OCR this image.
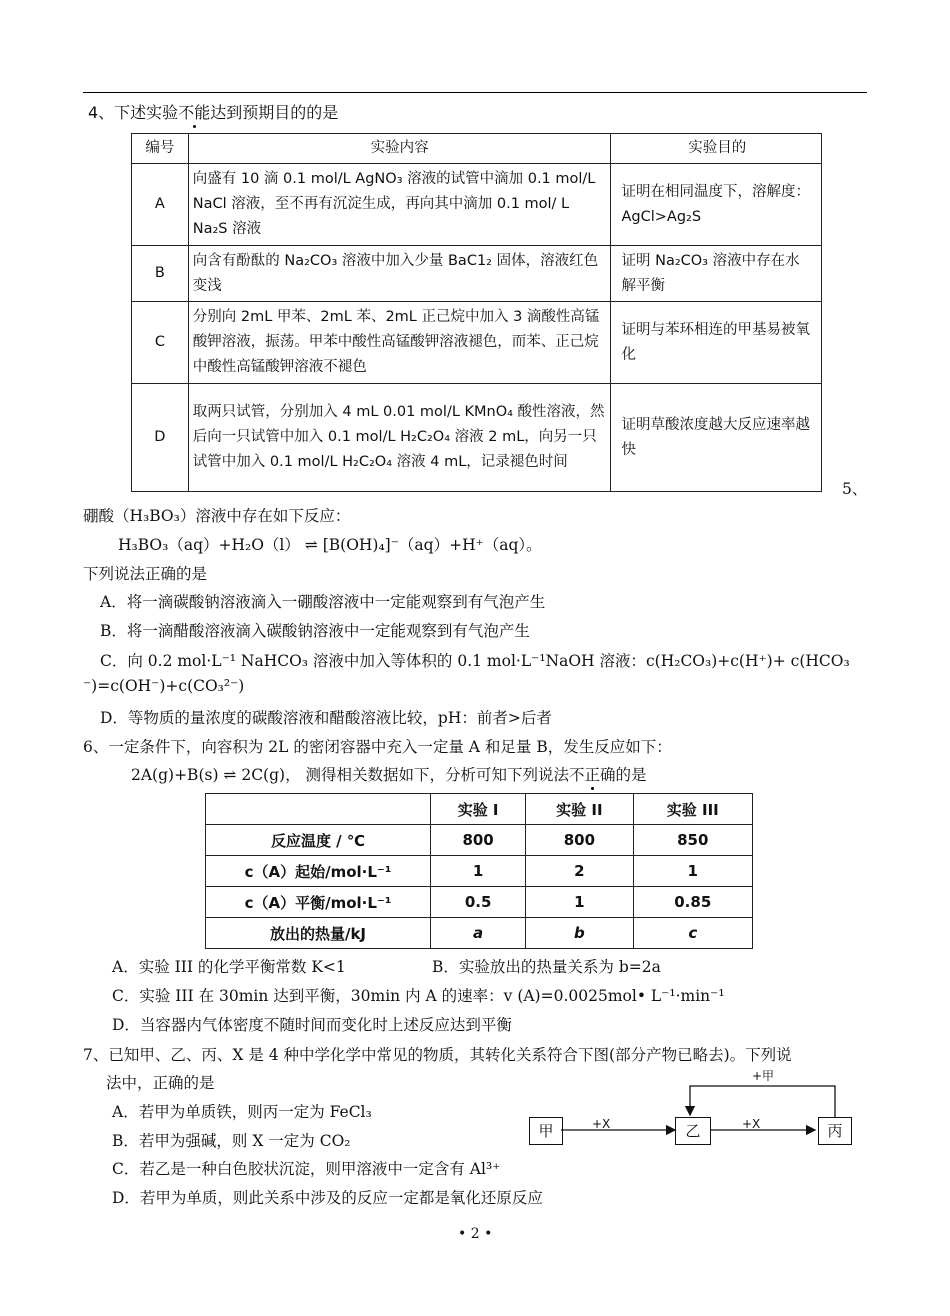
4、下述实验不能达到预期目的的是
编号	实验内容	实验目的
A	向盛有 10 滴 0.1 mol/L AgNO₃ 溶液的试管中滴加 0.1 mol/L NaCl 溶液，至不再有沉淀生成，再向其中滴加 0.1 mol/ L Na₂S 溶液	证明在相同温度下，溶解度：AgCl>Ag₂S
B	向含有酚酞的 Na₂CO₃ 溶液中加入少量 BaC1₂ 固体，溶液红色变浅	证明 Na₂CO₃ 溶液中存在水解平衡
C	分别向 2mL 甲苯、2mL 苯、2mL 正己烷中加入 3 滴酸性高锰酸钾溶液，振荡。甲苯中酸性高锰酸钾溶液褪色，而苯、正己烷中酸性高锰酸钾溶液不褪色	证明与苯环相连的甲基易被氧化
D	取两只试管，分别加入 4 mL 0.01 mol/L KMnO₄ 酸性溶液，然后向一只试管中加入 0.1 mol/L H₂C₂O₄ 溶液 2 mL，向另一只试管中加入 0.1 mol/L H₂C₂O₄ 溶液 4 mL，记录褪色时间	证明草酸浓度越大反应速率越快
5、
硼酸（H₃BO₃）溶液中存在如下反应：
H₃BO₃（aq）+H₂O（l） ⇌ [B(OH)₄]⁻（aq）+H⁺（aq）。
下列说法正确的是
A．将一滴碳酸钠溶液滴入一硼酸溶液中一定能观察到有气泡产生
B．将一滴醋酸溶液滴入碳酸钠溶液中一定能观察到有气泡产生
C．向 0.2 mol·L⁻¹ NaHCO₃ 溶液中加入等体积的 0.1 mol·L⁻¹NaOH 溶液：c(H₂CO₃)+c(H⁺)+ c(HCO₃
⁻)=c(OH⁻)+c(CO₃²⁻)
D．等物质的量浓度的碳酸溶液和醋酸溶液比较，pH：前者>后者
6、一定条件下，向容积为 2L 的密闭容器中充入一定量 A 和足量 B，发生反应如下：
2A(g)+B(s) ⇌ 2C(g)， 测得相关数据如下，分析可知下列说法不正确的是
	实验 I	实验 II	实验 III
反应温度 / ℃	800	800	850
c（A）起始/mol·L⁻¹	1	2	1
c（A）平衡/mol·L⁻¹	0.5	1	0.85
放出的热量/kJ	a	b	c
A．实验 III 的化学平衡常数 K<1	B．实验放出的热量关系为 b=2a
C．实验 III 在 30min 达到平衡，30min 内 A 的速率：v (A)=0.0025mol• L⁻¹·min⁻¹
D．当容器内气体密度不随时间而变化时上述反应达到平衡
7、已知甲、乙、丙、X 是 4 种中学化学中常见的物质，其转化关系符合下图(部分产物已略去)。下列说
法中，正确的是
A．若甲为单质铁，则丙一定为 FeCl₃
B．若甲为强碱，则 X 一定为 CO₂
C．若乙是一种白色胶状沉淀，则甲溶液中一定含有 Al³⁺
D．若甲为单质，则此关系中涉及的反应一定都是氧化还原反应
甲	乙	丙
+X	+X
+甲
• 2 •
